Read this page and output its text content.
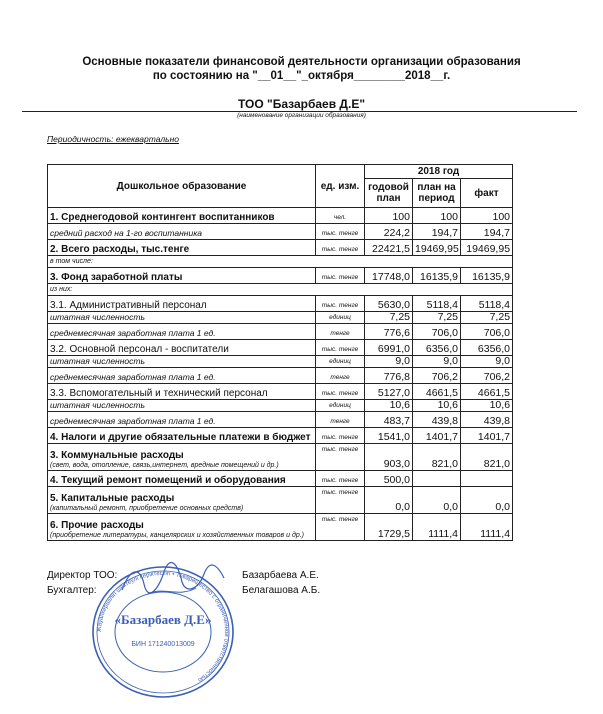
Основные показатели финансовой деятельности организации образования
по состоянию на "__01__"_октября________2018__г.
ТОО "Базарбаев Д.Е"
(наименование организации образования)
Периодичность: ежеквартально
Дошкольное образование	ед. изм.	2018 год		
		годовой план	план на период	факт
1. Среднегодовой контингент воспитанников	чел.	100	100	100
средний расход на 1-го воспитанника	тыс. тенге	224,2	194,7	194,7
2. Всего расходы, тыс.тенге	тыс. тенге	22421,5	19469,95	19469,95
в том числе:				
3. Фонд заработной платы	тыс. тенге	17748,0	16135,9	16135,9
из них:				
3.1. Административный персонал	тыс. тенге	5630,0	5118,4	5118,4
штатная численность	единиц	7,25	7,25	7,25
среднемесячная заработная плата 1 ед.	тенге	776,6	706,0	706,0
3.2. Основной персонал - воспитатели	тыс. тенге	6991,0	6356,0	6356,0
штатная численность	единиц	9,0	9,0	9,0
среднемесячная заработная плата 1 ед.	тенге	776,8	706,2	706,2
3.3. Вспомогательный и технический персонал	тыс. тенге	5127,0	4661,5	4661,5
штатная численность	единиц	10,6	10,6	10,6
среднемесячная заработная плата 1 ед.	тенге	483,7	439,8	439,8
4. Налоги и другие обязательные платежи в бюджет	тыс. тенге	1541,0	1401,7	1401,7
3. Коммунальные расходы
(свет, вода, отопление, связь,интернет, вредные помещений и др.)	тыс. тенге	903,0	821,0	821,0
4. Текущий ремонт помещений и оборудования	тыс. тенге	500,0		
5. Капитальные расходы
(капитальный ремонт, приобретение основных средств)	тыс. тенге	0,0	0,0	0,0
6. Прочие расходы
(приобретение литературы, канцелярских и хозяйственных товаров и др.)	тыс. тенге	1729,5	1111,4	1111,4
Директор ТОО:	Базарбаева А.Е.
Бухгалтер:	Белагашова А.Б.
Жауапкершілігі шектеулі серіктестігі • Товарищество с ограниченной ответственностью
«Базарбаев Д.Е»
БИН 171240013009
